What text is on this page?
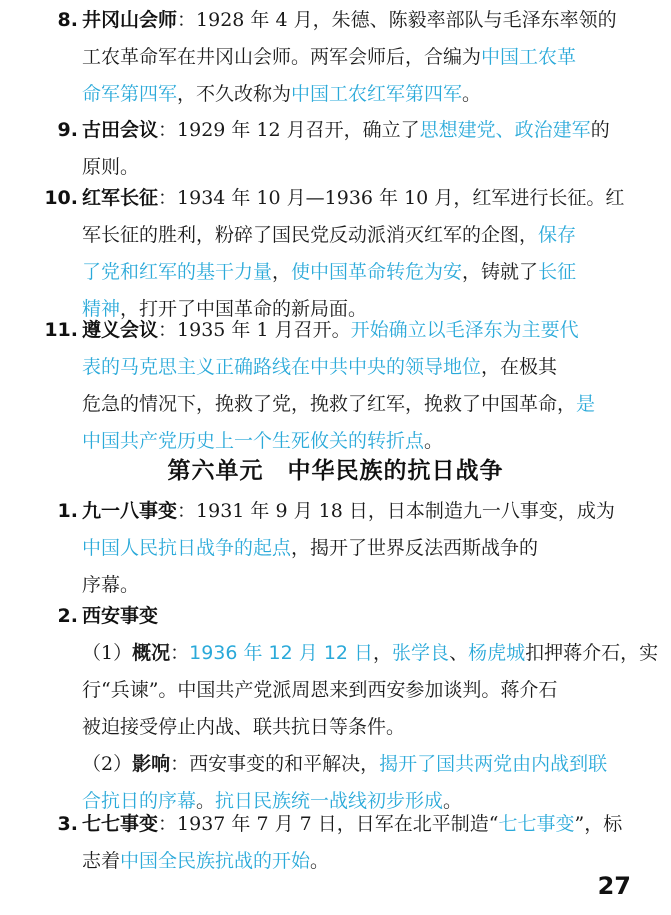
8. 井冈山会师：1928 年 4 月，朱德、陈毅率部队与毛泽东率领的
工农革命军在井冈山会师。两军会师后，合编为中国工农革
命军第四军，不久改称为中国工农红军第四军。
9. 古田会议：1929 年 12 月召开，确立了思想建党、政治建军的
原则。
10. 红军长征：1934 年 10 月—1936 年 10 月，红军进行长征。红
军长征的胜利，粉碎了国民党反动派消灭红军的企图，保存
了党和红军的基干力量，使中国革命转危为安，铸就了长征
精神，打开了中国革命的新局面。
11. 遵义会议：1935 年 1 月召开。开始确立以毛泽东为主要代
表的马克思主义正确路线在中共中央的领导地位，在极其
危急的情况下，挽救了党，挽救了红军，挽救了中国革命，是
中国共产党历史上一个生死攸关的转折点。
第六单元　中华民族的抗日战争
1. 九一八事变：1931 年 9 月 18 日，日本制造九一八事变，成为
中国人民抗日战争的起点，揭开了世界反法西斯战争的
序幕。
2. 西安事变
（1）概况：1936 年 12 月 12 日，张学良、杨虎城扣押蒋介石，实
行“兵谏”。中国共产党派周恩来到西安参加谈判。蒋介石
被迫接受停止内战、联共抗日等条件。
（2）影响：西安事变的和平解决，揭开了国共两党由内战到联
合抗日的序幕。抗日民族统一战线初步形成。
3. 七七事变：1937 年 7 月 7 日，日军在北平制造“七七事变”，标
志着中国全民族抗战的开始。
27
